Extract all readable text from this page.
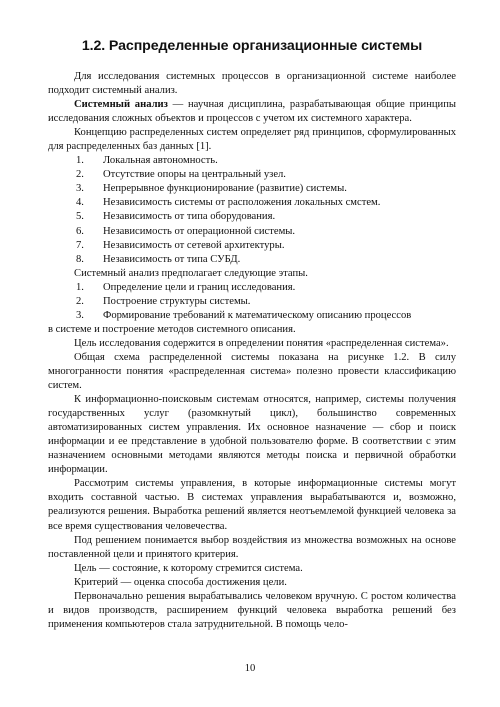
1.2. Распределенные организационные системы

Для исследования системных процессов в организационной системе наиболее подходит системный анализ.

Системный анализ — научная дисциплина, разрабатывающая общие принципы исследования сложных объектов и процессов с учетом их системного характера.

Концепцию распределенных систем определяет ряд принципов, сформулированных для распределенных баз данных [1].

1.	Локальная автономность.
2.	Отсутствие опоры на центральный узел.
3.	Непрерывное функционирование (развитие) системы.
4.	Независимость системы от расположения локальных смстем.
5.	Независимость от типа оборудования.
6.	Независимость от операционной системы.
7.	Независимость от сетевой архитектуры.
8.	Независимость от типа СУБД.

Системный анализ предполагает следующие этапы.

1.	Определение цели и границ исследования.
2.	Построение структуры системы.
3.	Формирование требований к математическому описанию процессов
в системе и построение методов системного описания.

Цель исследования содержится в определении понятия «распределенная система».

Общая схема распределенной системы показана на рисунке 1.2. В силу многогранности понятия «распределенная система» полезно провести классификацию систем.

К информационно-поисковым системам относятся, например, системы получения государственных услуг (разомкнутый цикл), большинство современных автоматизированных систем управления. Их основное назначение — сбор и поиск информации и ее представление в удобной пользователю форме. В соответствии с этим назначением основными методами являются методы поиска и первичной обработки информации.

Рассмотрим системы управления, в которые информационные системы могут входить составной частью. В системах управления вырабатываются и, возможно, реализуются решения. Выработка решений является неотъемлемой функцией человека за все время существования человечества.

Под решением понимается выбор воздействия из множества возможных на основе поставленной цели и принятого критерия.

Цель — состояние, к которому стремится система.

Критерий — оценка способа достижения цели.

Первоначально решения вырабатывались человеком вручную. С ростом количества и видов производств, расширением функций человека выработка решений без применения компьютеров стала затруднительной. В помощь чело-

10
